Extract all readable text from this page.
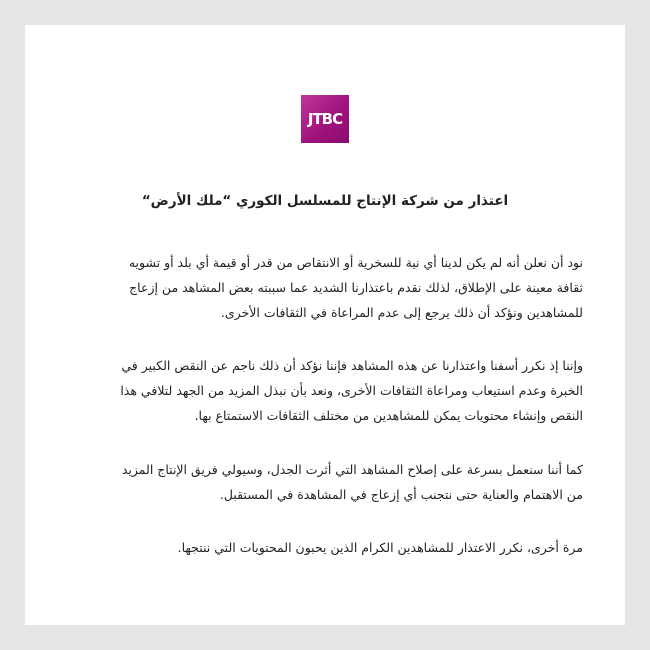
JTBC
اعتذار من شركة الإنتاج للمسلسل الكوري “ملك الأرض“

نود أن نعلن أنه لم يكن لدينا أي نية للسخرية أو الانتقاص من قدر أو قيمة أي بلد أو تشويه
ثقافة معينة على الإطلاق، لذلك نقدم باعتذارنا الشديد عما سببته بعض المشاهد من إزعاج
للمشاهدين ونؤكد أن ذلك يرجع إلى عدم المراعاة في الثقافات الأخرى.

وإننا إذ نكرر أسفنا واعتذارنا عن هذه المشاهد فإننا نؤكد أن ذلك ناجم عن النقص الكبير في
الخبرة وعدم استيعاب ومراعاة الثقافات الأخرى، ونعد بأن نبذل المزيد من الجهد لتلافي هذا
النقص وإنشاء محتويات يمكن للمشاهدين من مختلف الثقافات الاستمتاع بها.

كما أننا سنعمل بسرعة على إصلاح المشاهد التي أثرت الجدل، وسيولي فريق الإنتاج المزيد
من الاهتمام والعناية حتى نتجنب أي إزعاج في المشاهدة في المستقبل.

مرة أخرى، نكرر الاعتذار للمشاهدين الكرام الذين يحبون المحتويات التي ننتجها.
